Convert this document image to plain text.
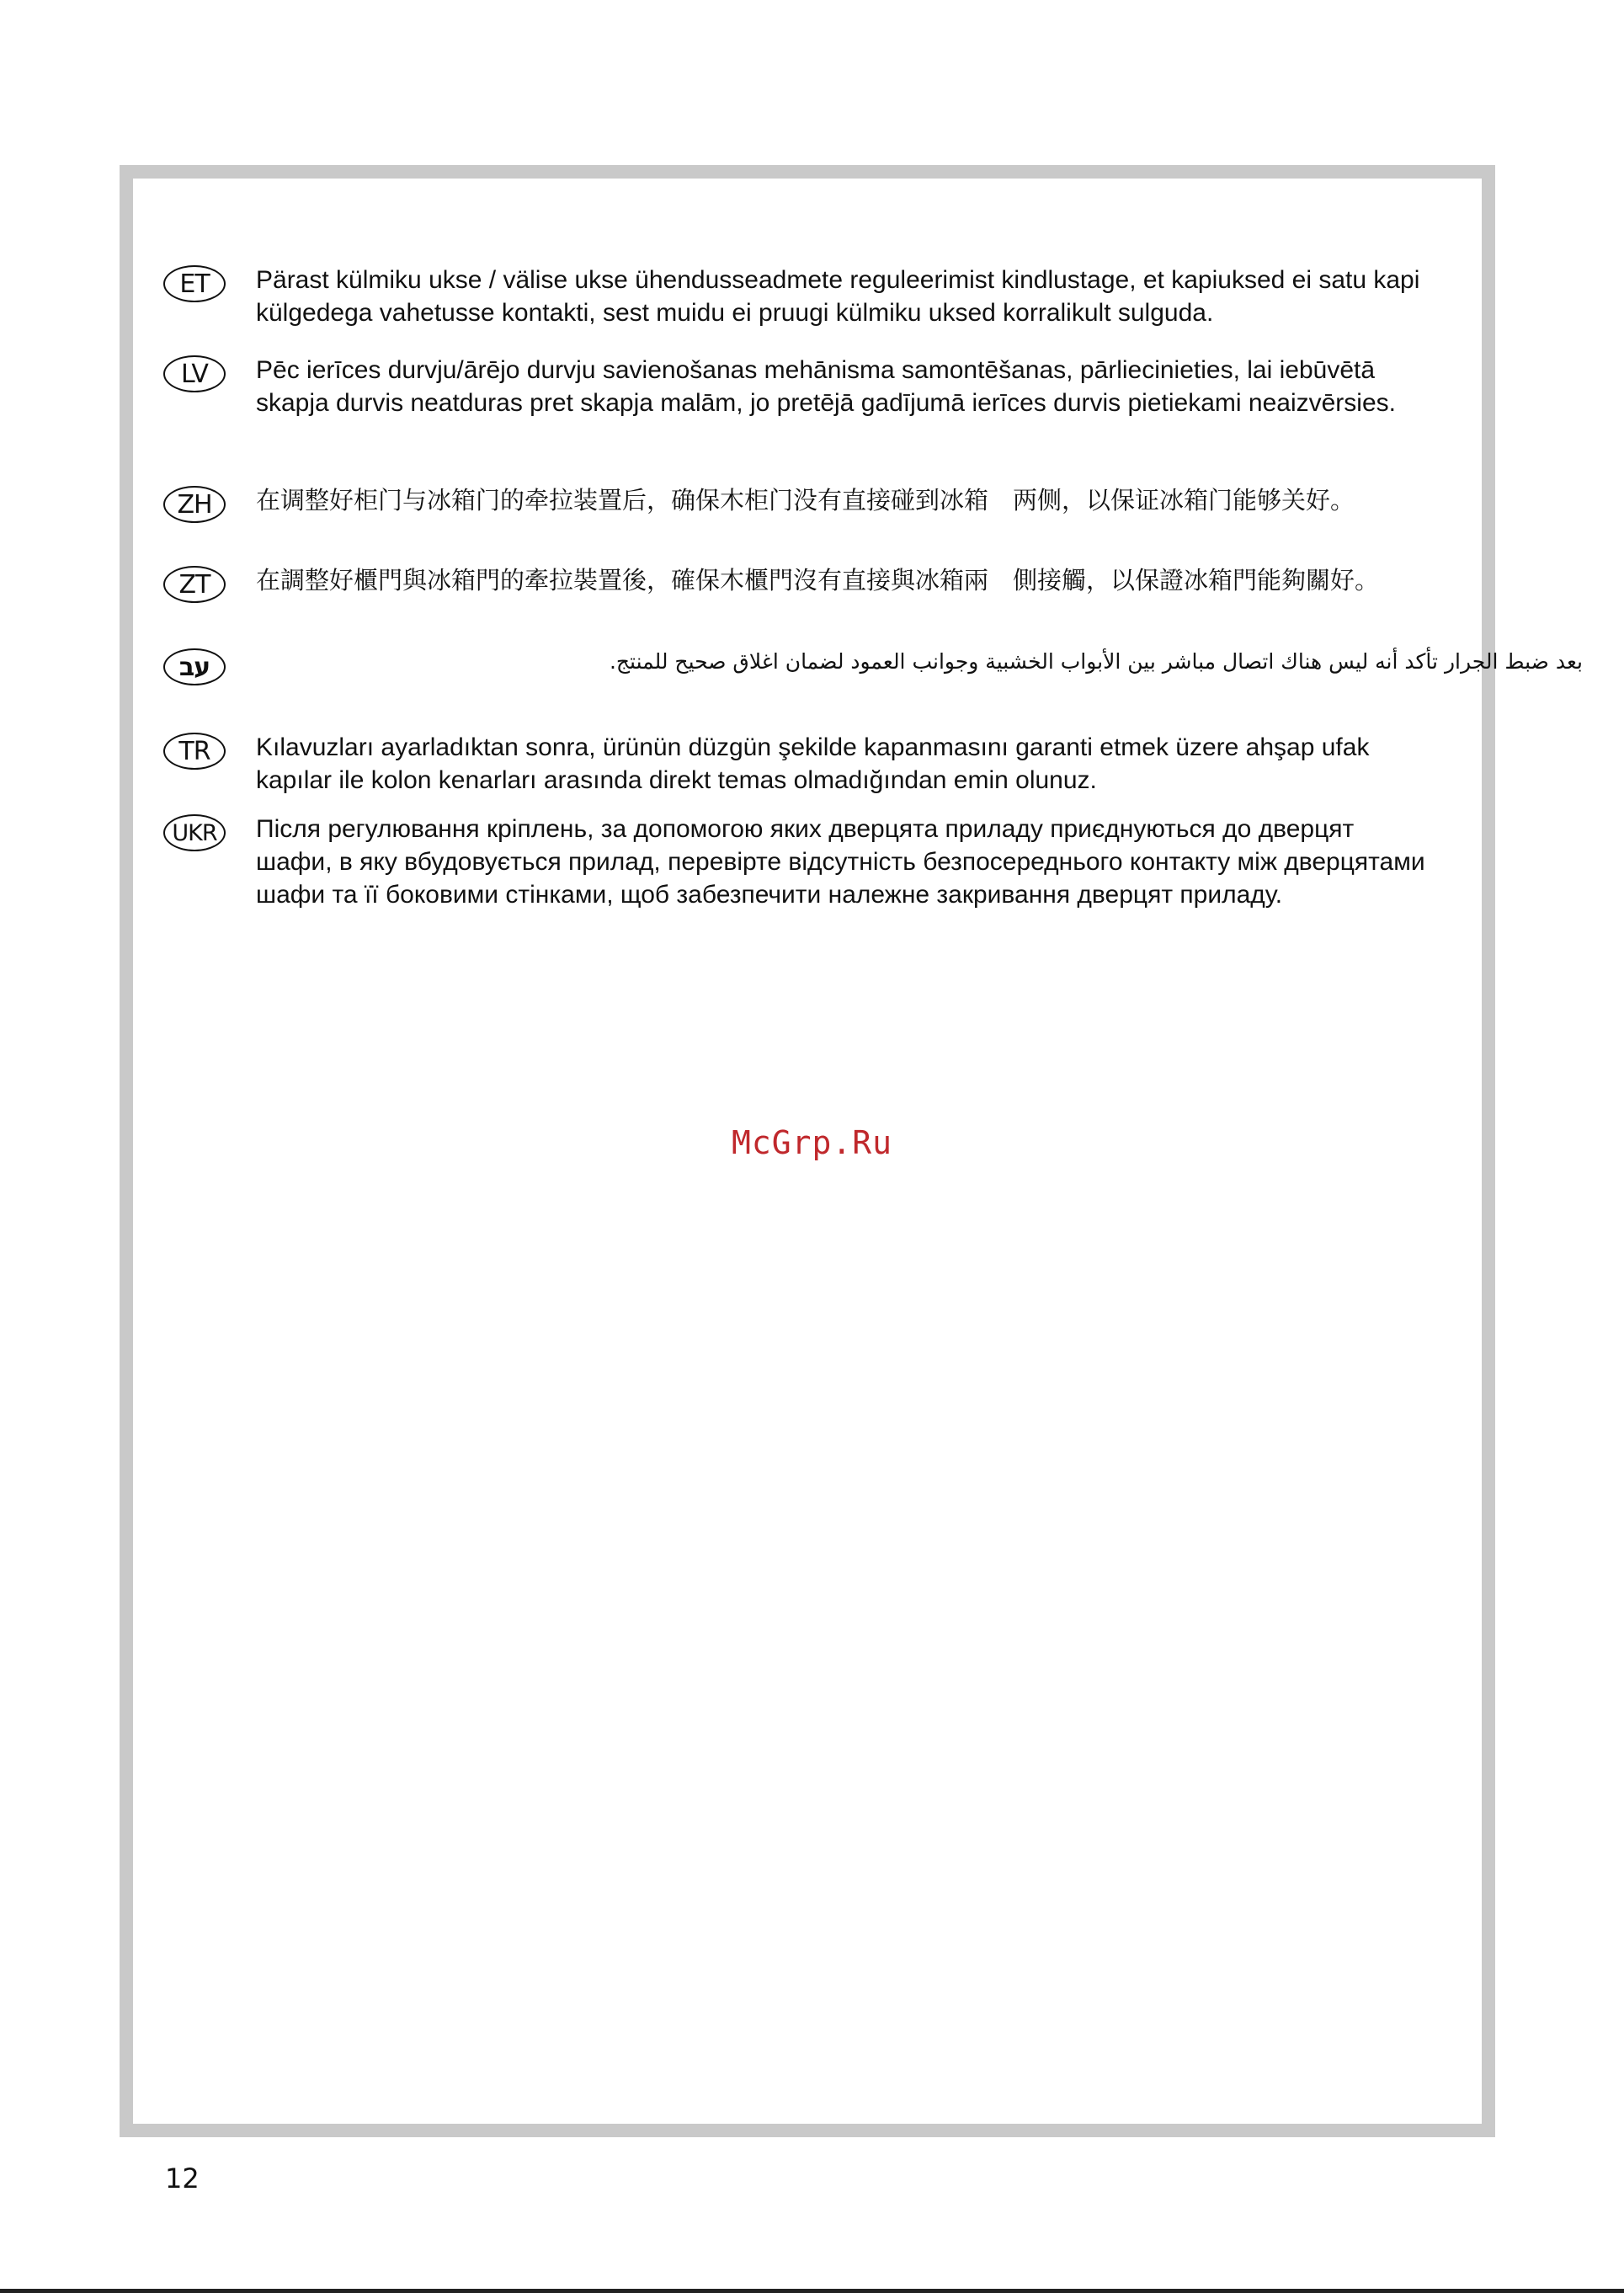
ET	Pärast külmiku ukse / välise ukse ühendusseadmete reguleerimist kindlustage, et kapiuksed ei satu kapi külgedega vahetusse kontakti, sest muidu ei pruugi külmiku uksed korralikult sulguda.
LV	Pēc ierīces durvju/ārējo durvju savienošanas mehānisma samontēšanas, pārliecinieties, lai iebūvētā skapja durvis neatduras pret skapja malām, jo pretējā gadījumā ierīces durvis pietiekami neaizvērsies.
ZH	在调整好柜门与冰箱门的牵拉装置后，确保木柜门没有直接碰到冰箱　两侧，以保证冰箱门能够关好。
ZT	在調整好櫃門與冰箱門的牽拉裝置後，確保木櫃門沒有直接與冰箱兩　側接觸，以保證冰箱門能夠關好。
עב	بعد ضبط الجرار تأكد أنه ليس هناك اتصال مباشر بين الأبواب الخشبية وجوانب العمود لضمان اغلاق صحيح للمنتج.
TR	Kılavuzları ayarladıktan sonra, ürünün düzgün şekilde kapanmasını garanti etmek üzere ahşap ufak kapılar ile kolon kenarları arasında direkt temas olmadığından emin olunuz.
UKR	Після регулювання кріплень, за допомогою яких дверцята приладу приєднуються до дверцят шафи, в яку вбудовується прилад, перевірте відсутність безпосереднього контакту між дверцятами шафи та її боковими стінками, щоб забезпечити належне закривання дверцят приладу.
McGrp.Ru
12
